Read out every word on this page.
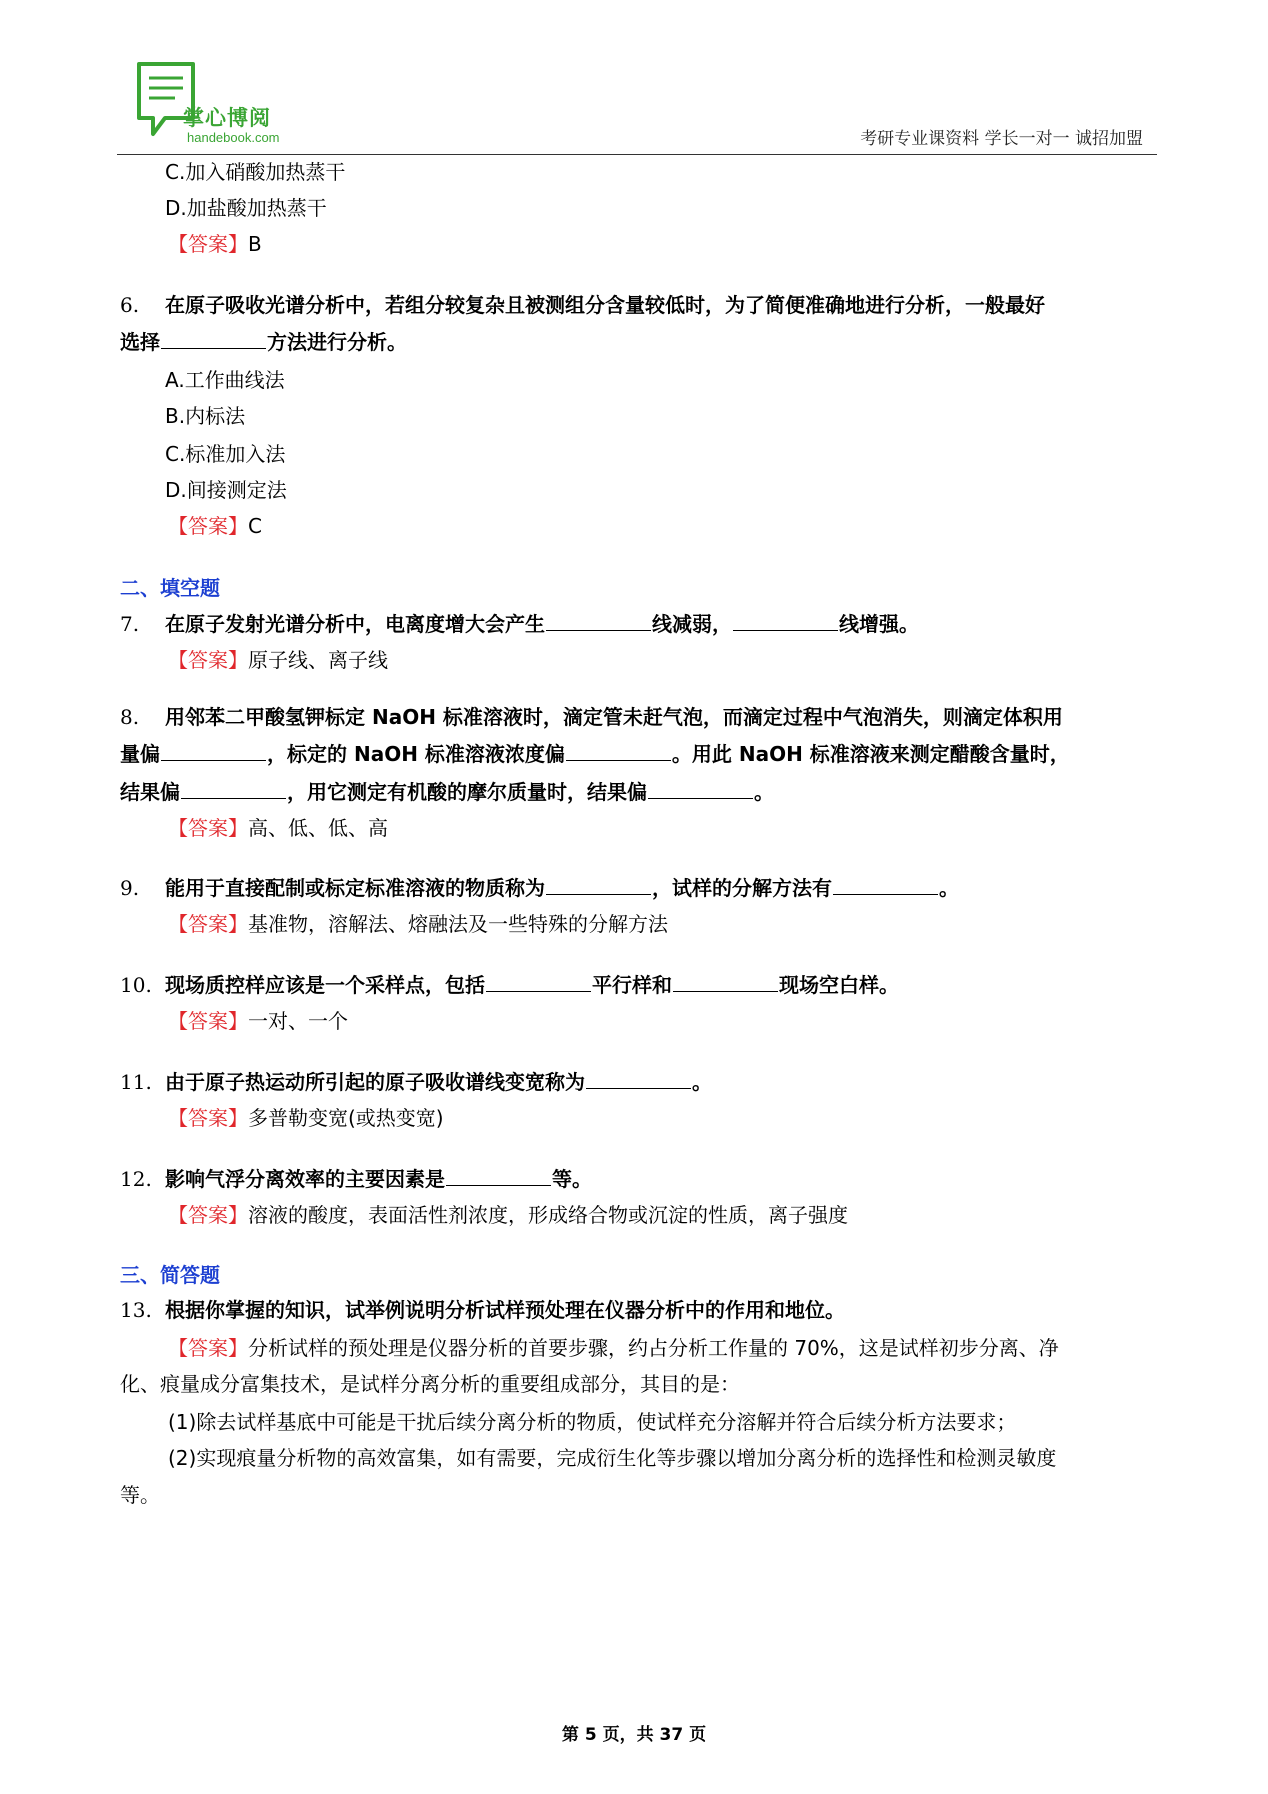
掌心博阅
handebook.com	考研专业课资料 学长一对一 诚招加盟
C.加入硝酸加热蒸干
D.加盐酸加热蒸干
【答案】B
6. 在原子吸收光谱分析中，若组分较复杂且被测组分含量较低时，为了简便准确地进行分析，一般最好
选择	方法进行分析。
A.工作曲线法
B.内标法
C.标准加入法
D.间接测定法
【答案】C
二、填空题
7. 在原子发射光谱分析中，电离度增大会产生	线减弱，	线增强。
【答案】原子线、离子线
8. 用邻苯二甲酸氢钾标定 NaOH 标准溶液时，滴定管未赶气泡，而滴定过程中气泡消失，则滴定体积用
量偏	，标定的 NaOH 标准溶液浓度偏	。用此 NaOH 标准溶液来测定醋酸含量时，
结果偏	，用它测定有机酸的摩尔质量时，结果偏	。
【答案】高、低、低、高
9. 能用于直接配制或标定标准溶液的物质称为	，试样的分解方法有	。
【答案】基准物，溶解法、熔融法及一些特殊的分解方法
10. 现场质控样应该是一个采样点，包括	平行样和	现场空白样。
【答案】一对、一个
11. 由于原子热运动所引起的原子吸收谱线变宽称为	。
【答案】多普勒变宽(或热变宽)
12. 影响气浮分离效率的主要因素是	等。
【答案】溶液的酸度，表面活性剂浓度，形成络合物或沉淀的性质，离子强度
三、简答题
13. 根据你掌握的知识，试举例说明分析试样预处理在仪器分析中的作用和地位。
【答案】分析试样的预处理是仪器分析的首要步骤，约占分析工作量的 70%，这是试样初步分离、净
化、痕量成分富集技术，是试样分离分析的重要组成部分，其目的是：
(1)除去试样基底中可能是干扰后续分离分析的物质，使试样充分溶解并符合后续分析方法要求；
(2)实现痕量分析物的高效富集，如有需要，完成衍生化等步骤以增加分离分析的选择性和检测灵敏度
等。
第 5 页，共 37 页
